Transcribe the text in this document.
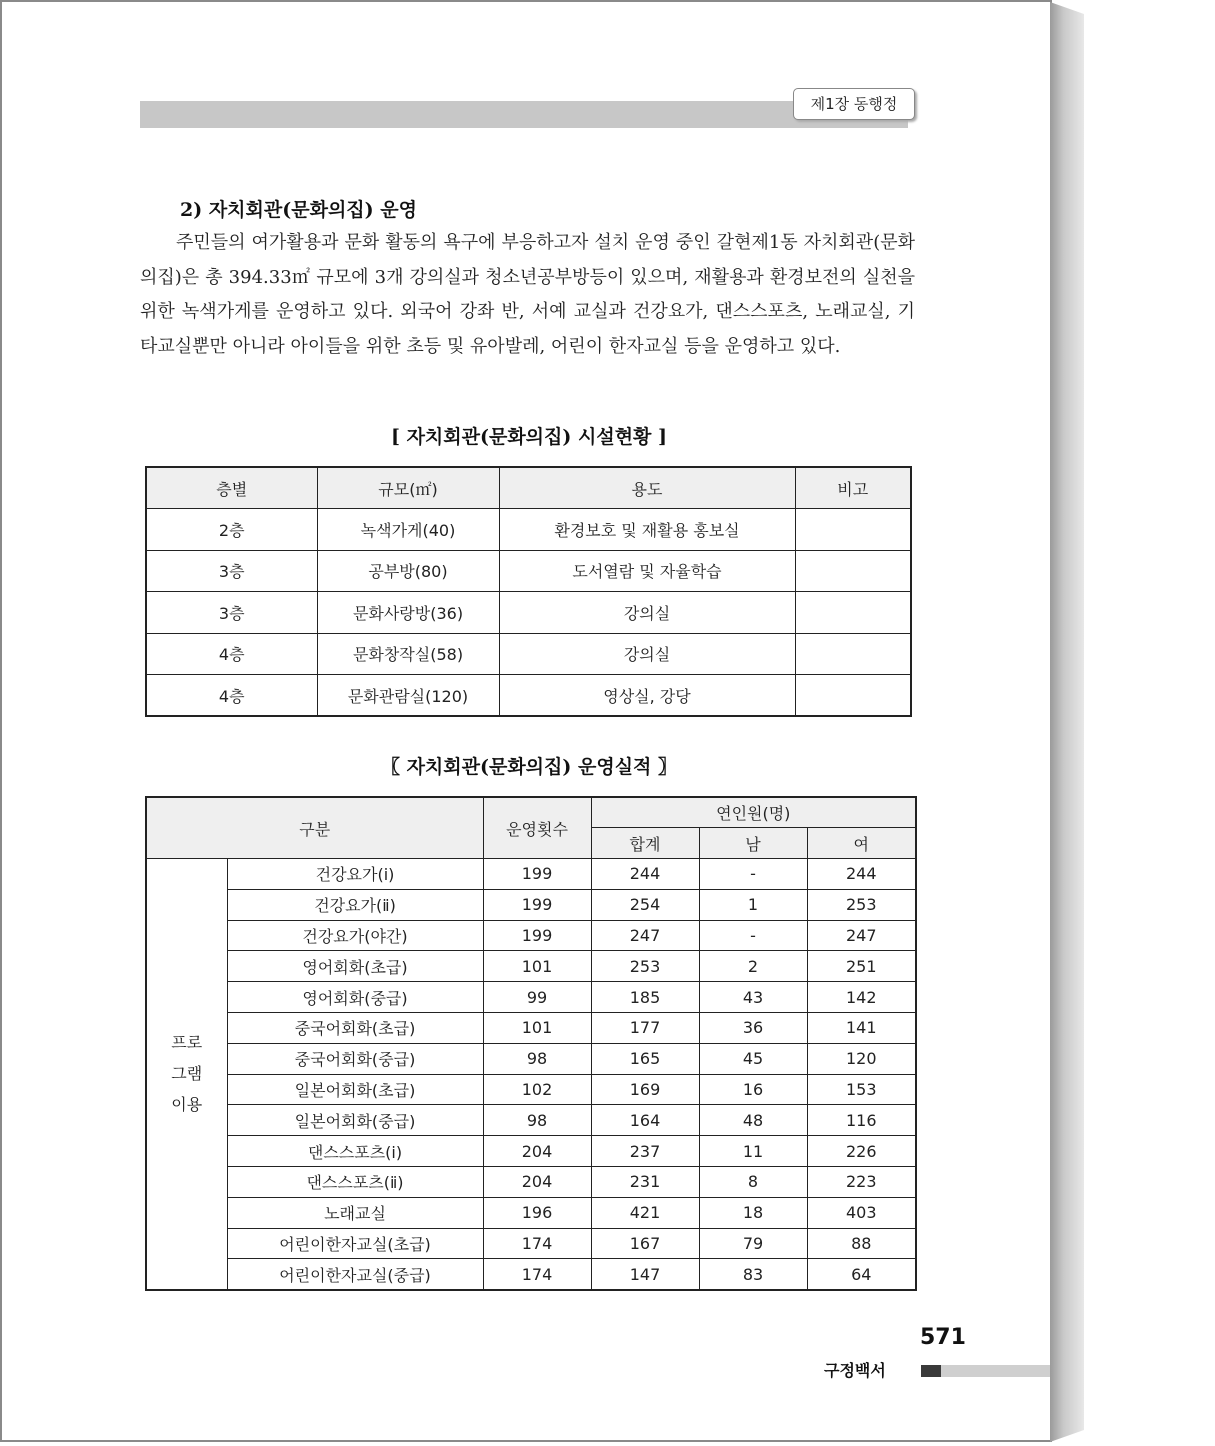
제1장 동행정
2) 자치회관(문화의집) 운영

주민들의 여가활용과 문화 활동의 욕구에 부응하고자 설치 운영 중인 갈현제1동 자치회관(문화의집)은 총 394.33㎡ 규모에 3개 강의실과 청소년공부방등이 있으며, 재활용과 환경보전의 실천을 위한 녹색가게를 운영하고 있다. 외국어 강좌 반, 서예 교실과 건강요가, 댄스스포츠, 노래교실, 기타교실뿐만 아니라 아이들을 위한 초등 및 유아발레, 어린이 한자교실 등을 운영하고 있다.

[ 자치회관(문화의집) 시설현황 ]
층별	규모(㎡)	용도	비고
2층	녹색가게(40)	환경보호 및 재활용 홍보실	
3층	공부방(80)	도서열람 및 자율학습	
3층	문화사랑방(36)	강의실	
4층	문화창작실(58)	강의실	
4층	문화관람실(120)	영상실, 강당	
〖 자치회관(문화의집) 운영실적 〗
구분		운영횟수	연인원(명)		
			합계	남	여

프로
그램
이용	건강요가(ⅰ)	199	244	-	244
	건강요가(ⅱ)	199	254	1	253
	건강요가(야간)	199	247	-	247
	영어회화(초급)	101	253	2	251
	영어회화(중급)	99	185	43	142
	중국어회화(초급)	101	177	36	141
	중국어회화(중급)	98	165	45	120
	일본어회화(초급)	102	169	16	153
	일본어회화(중급)	98	164	48	116
	댄스스포츠(ⅰ)	204	237	11	226
	댄스스포츠(ⅱ)	204	231	8	223
	노래교실	196	421	18	403
	어린이한자교실(초급)	174	167	79	88
	어린이한자교실(중급)	174	147	83	64
571
구정백서
